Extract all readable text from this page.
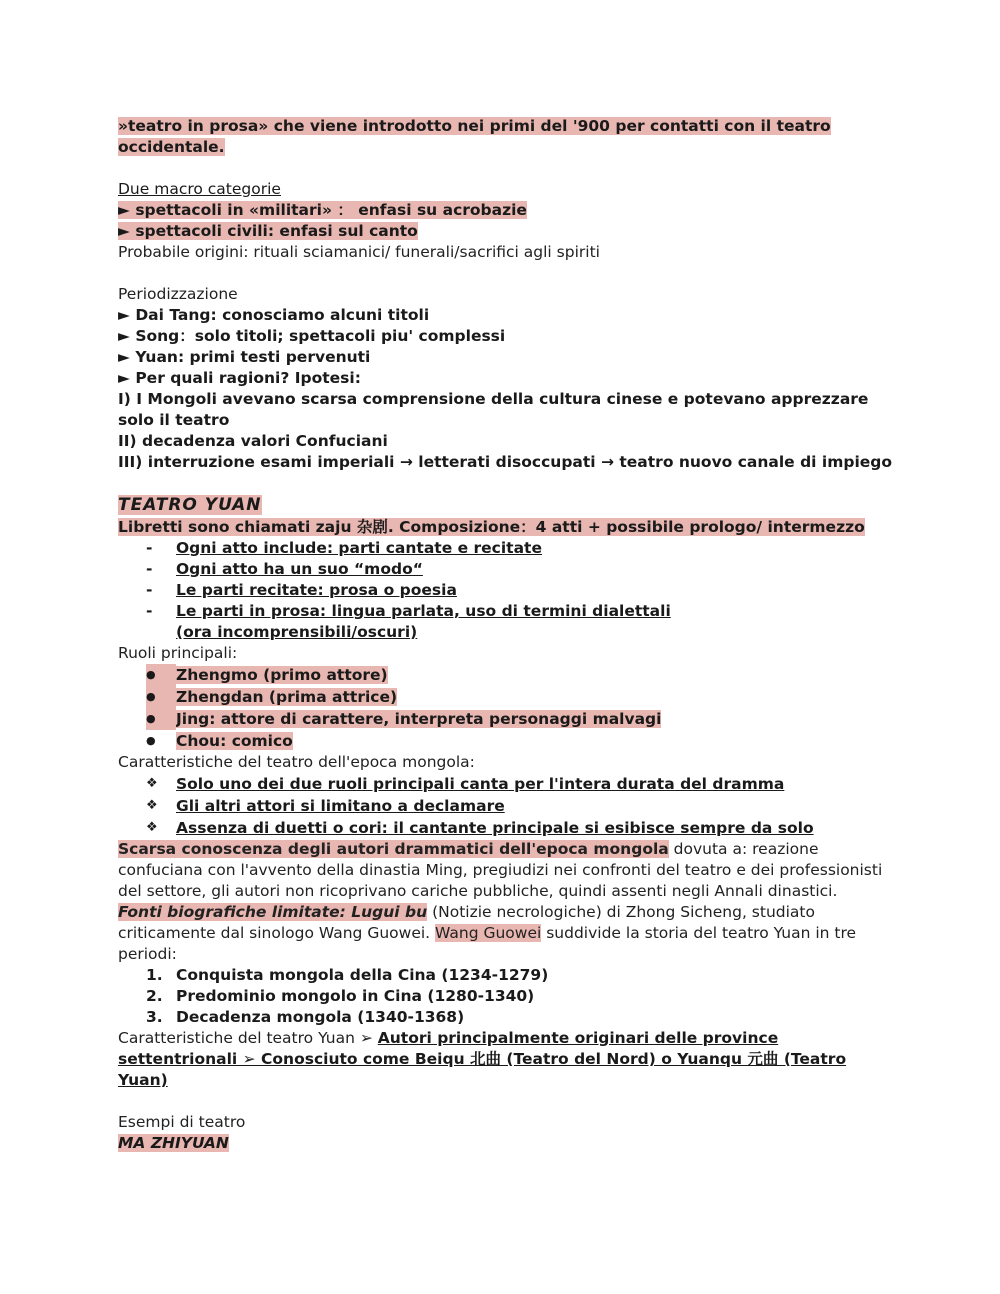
»teatro in prosa» che viene introdotto nei primi del '900 per contatti con il teatro
occidentale.
Due macro categorie
► spettacoli in «militari» ： enfasi su acrobazie
► spettacoli civili: enfasi sul canto
Probabile origini: rituali sciamanici/ funerali/sacrifici agli spiriti
Periodizzazione
► Dai Tang: conosciamo alcuni titoli
► Song：solo titoli; spettacoli piu' complessi
► Yuan: primi testi pervenuti
► Per quali ragioni? Ipotesi:
I) I Mongoli avevano scarsa comprensione della cultura cinese e potevano apprezzare solo il teatro
II) decadenza valori Confuciani
III) interruzione esami imperiali → letterati disoccupati → teatro nuovo canale di impiego
TEATRO YUAN
Libretti sono chiamati zaju 杂剧. Composizione：4 atti + possibile prologo/ intermezzo
- Ogni atto include: parti cantate e recitate
- Ogni atto ha un suo “modo“
- Le parti recitate: prosa o poesia
- Le parti in prosa: lingua parlata, uso di termini dialettali (ora incomprensibili/oscuri)
Ruoli principali:
● Zhengmo (primo attore)
● Zhengdan (prima attrice)
● Jing: attore di carattere, interpreta personaggi malvagi
● Chou: comico
Caratteristiche del teatro dell'epoca mongola:
❖ Solo uno dei due ruoli principali canta per l'intera durata del dramma
❖ Gli altri attori si limitano a declamare
❖ Assenza di duetti o cori: il cantante principale si esibisce sempre da solo
Scarsa conoscenza degli autori drammatici dell'epoca mongola dovuta a: reazione confuciana con l'avvento della dinastia Ming, pregiudizi nei confronti del teatro e dei professionisti del settore, gli autori non ricoprivano cariche pubbliche, quindi assenti negli Annali dinastici.
Fonti biografiche limitate: Lugui bu (Notizie necrologiche) di Zhong Sicheng, studiato criticamente dal sinologo Wang Guowei. Wang Guowei suddivide la storia del teatro Yuan in tre periodi:
1. Conquista mongola della Cina (1234-1279)
2. Predominio mongolo in Cina (1280-1340)
3. Decadenza mongola (1340-1368)
Caratteristiche del teatro Yuan ➢ Autori principalmente originari delle province settentrionali ➢ Conosciuto come Beiqu 北曲 (Teatro del Nord) o Yuanqu 元曲 (Teatro Yuan)
Esempi di teatro
MA ZHIYUAN
